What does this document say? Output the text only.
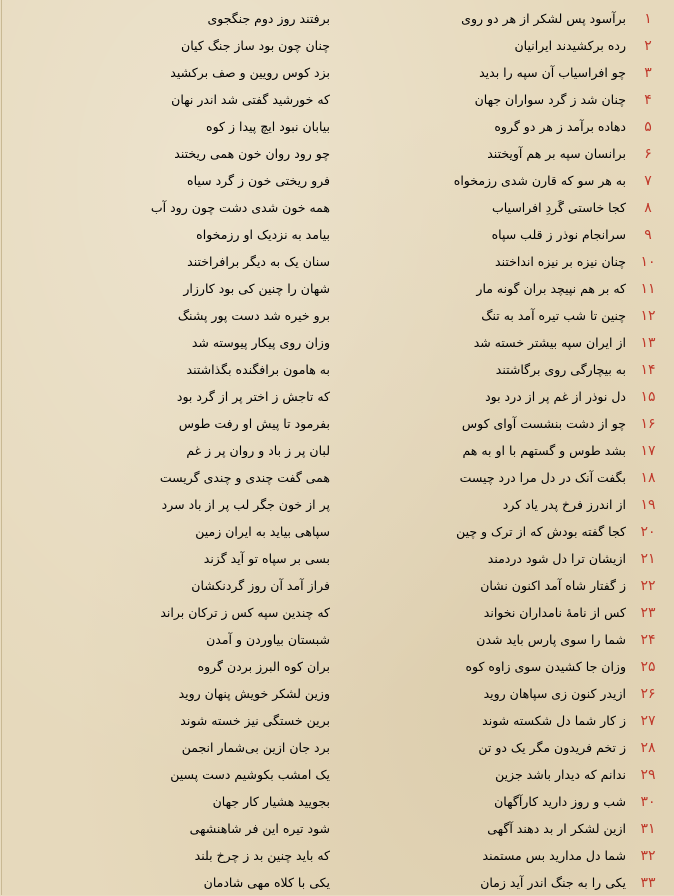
۱
برآسود پس لشکر از هر دو روی
برفتند روز دوم جنگجوی
۲
رده برکشیدند ایرانیان
چنان چون بود ساز جنگ کیان
۳
چو افراسیاب آن سپه را بدید
بزد کوس رویین و صف برکشید
۴
چنان شد ز گرد سواران جهان
که خورشید گفتی شد اندر نهان
۵
دهاده برآمد ز هر دو گروه
بیابان نبود ایچ پیدا ز کوه
۶
برانسان سپه بر هم آویختند
چو رود روان خون همی ریختند
۷
به هر سو که قارن شدی رزمخواه
فرو ریختی خون ز گرد سیاه
۸
کجا خاستی گَردِ افراسیاب
همه خون شدی دشت چون رود آب
۹
سرانجام نوذر ز قلب سپاه
بیامد به نزدیک او رزمخواه
۱۰
چنان نیزه بر نیزه انداختند
سنان یک به دیگر برافراختند
۱۱
که بر هم نپیچد بران گونه مار
شهان را چنین کی بود کارزار
۱۲
چنین تا شب تیره آمد به تنگ
برو خیره شد دست پور پشنگ
۱۳
از ایران سپه بیشتر خسته شد
وزان روی پیکار پیوسته شد
۱۴
به بیچارگی روی برگاشتند
به هامون برافگنده بگذاشتند
۱۵
دل نوذر از غم پر از درد بود
که تاجش ز اختر پر از گرد بود
۱۶
چو از دشت بنشست آوای کوس
بفرمود تا پیش او رفت طوس
۱۷
بشد طوس و گستهم با او به هم
لبان پر ز باد و روان پر ز غم
۱۸
بگفت آنک در دل مرا درد چیست
همی گفت چندی و چندی گریست
۱۹
از اندرز فرخ پدر یاد کرد
پر از خون جگر لب پر از باد سرد
۲۰
کجا گفته بودش که از ترک و چین
سپاهی بیاید به ایران زمین
۲۱
ازیشان ترا دل شود دردمند
بسی بر سپاه تو آید گزند
۲۲
ز گفتار شاه آمد اکنون نشان
فراز آمد آن روز گردنکشان
۲۳
کس از نامهٔ نامداران نخواند
که چندین سپه کس ز ترکان براند
۲۴
شما را سوی پارس باید شدن
شبستان بیاوردن و آمدن
۲۵
وزان جا کشیدن سوی زاوه کوه
بران کوه البرز بردن گروه
۲۶
ازیدر کنون زی سپاهان روید
وزین لشکر خویش پنهان روید
۲۷
ز کار شما دل شکسته شوند
برین خستگی نیز خسته شوند
۲۸
ز تخم فریدون مگر یک دو تن
برد جان ازین بی‌شمار انجمن
۲۹
ندانم که دیدار باشد جزین
یک امشب بکوشیم دست پسین
۳۰
شب و روز دارید کارآگهان
بجویید هشیار کار جهان
۳۱
ازین لشکر ار بد دهند آگهی
شود تیره این فر شاهنشهی
۳۲
شما دل مدارید بس مستمند
که باید چنین بد ز چرخ بلند
۳۳
یکی را به جنگ اندر آید زمان
یکی با کلاه مهی شادمان
